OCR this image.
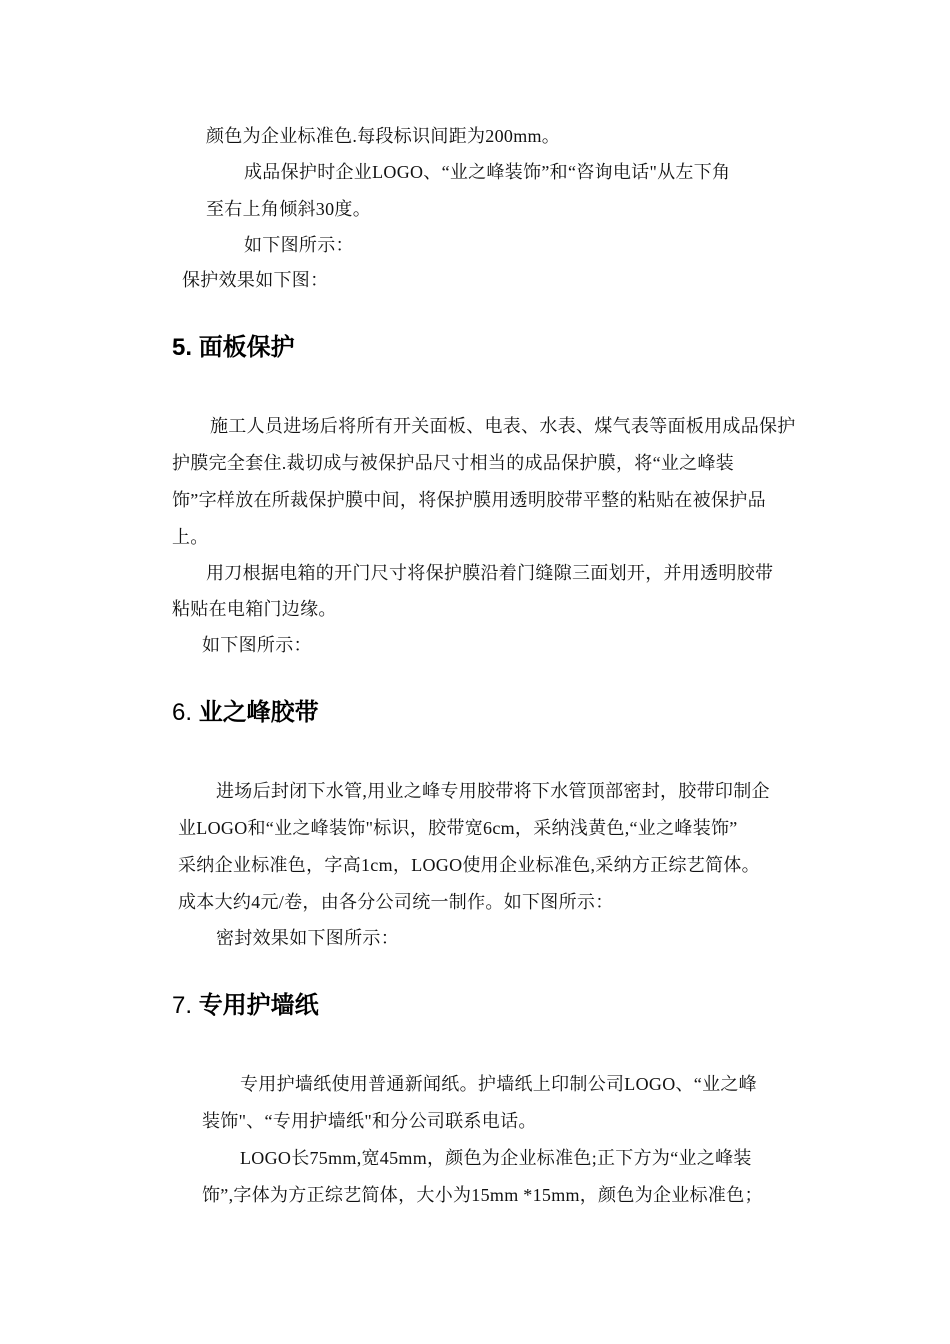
颜色为企业标准色.每段标识间距为200mm。
成品保护时企业LOGO、“业之峰装饰”和“咨询电话"从左下角
至右上角倾斜30度。
如下图所示：
保护效果如下图：
5. 面板保护
施工人员进场后将所有开关面板、电表、水表、煤气表等面板用成品保护
护膜完全套住.裁切成与被保护品尺寸相当的成品保护膜，将“业之峰装
饰”字样放在所裁保护膜中间，将保护膜用透明胶带平整的粘贴在被保护品
上。
用刀根据电箱的开门尺寸将保护膜沿着门缝隙三面划开，并用透明胶带
粘贴在电箱门边缘。
如下图所示：
6. 业之峰胶带
进场后封闭下水管,用业之峰专用胶带将下水管顶部密封，胶带印制企
业LOGO和“业之峰装饰"标识，胶带宽6cm，采纳浅黄色,“业之峰装饰”
采纳企业标准色，字高1cm，LOGO使用企业标准色,采纳方正综艺简体。
成本大约4元/卷，由各分公司统一制作。如下图所示：
密封效果如下图所示：
7. 专用护墙纸
专用护墙纸使用普通新闻纸。护墙纸上印制公司LOGO、“业之峰
装饰"、“专用护墙纸"和分公司联系电话。
LOGO长75mm,宽45mm，颜色为企业标准色;正下方为“业之峰装
饰”,字体为方正综艺简体，大小为15mm *15mm，颜色为企业标准色；
